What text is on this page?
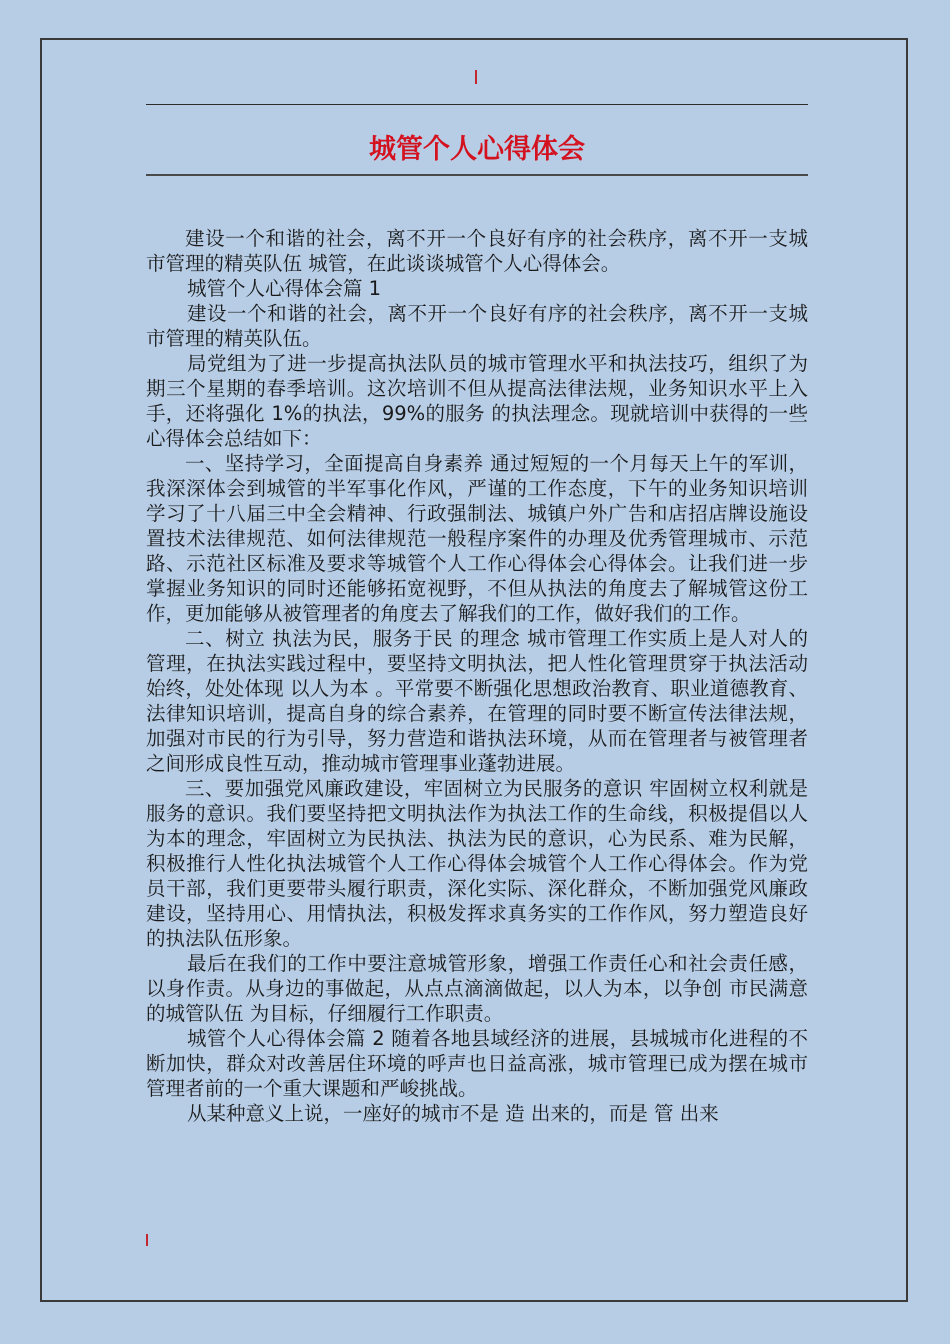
城管个人心得体会

建设一个和谐的社会，离不开一个良好有序的社会秩序，离不开一支城市管理的精英队伍 城管，在此谈谈城管个人心得体会。

城管个人心得体会篇 1

建设一个和谐的社会，离不开一个良好有序的社会秩序，离不开一支城市管理的精英队伍。

局党组为了进一步提高执法队员的城市管理水平和执法技巧，组织了为期三个星期的春季培训。这次培训不但从提高法律法规，业务知识水平上入手，还将强化 1%的执法，99%的服务 的执法理念。现就培训中获得的一些心得体会总结如下：

一、坚持学习，全面提高自身素养 通过短短的一个月每天上午的军训，我深深体会到城管的半军事化作风，严谨的工作态度，下午的业务知识培训学习了十八届三中全会精神、行政强制法、城镇户外广告和店招店牌设施设置技术法律规范、如何法律规范一般程序案件的办理及优秀管理城市、示范路、示范社区标准及要求等城管个人工作心得体会心得体会。让我们进一步掌握业务知识的同时还能够拓宽视野，不但从执法的角度去了解城管这份工作，更加能够从被管理者的角度去了解我们的工作，做好我们的工作。

二、树立 执法为民，服务于民 的理念 城市管理工作实质上是人对人的管理，在执法实践过程中，要坚持文明执法，把人性化管理贯穿于执法活动始终，处处体现 以人为本 。平常要不断强化思想政治教育、职业道德教育、法律知识培训，提高自身的综合素养，在管理的同时要不断宣传法律法规，加强对市民的行为引导，努力营造和谐执法环境，从而在管理者与被管理者之间形成良性互动，推动城市管理事业蓬勃进展。

三、要加强党风廉政建设，牢固树立为民服务的意识 牢固树立权利就是服务的意识。我们要坚持把文明执法作为执法工作的生命线，积极提倡以人为本的理念，牢固树立为民执法、执法为民的意识，心为民系、难为民解，积极推行人性化执法城管个人工作心得体会城管个人工作心得体会。作为党员干部，我们更要带头履行职责，深化实际、深化群众，不断加强党风廉政建设，坚持用心、用情执法，积极发挥求真务实的工作作风，努力塑造良好的执法队伍形象。

最后在我们的工作中要注意城管形象，增强工作责任心和社会责任感，以身作责。从身边的事做起，从点点滴滴做起，以人为本，以争创 市民满意的城管队伍 为目标，仔细履行工作职责。

城管个人心得体会篇 2 随着各地县域经济的进展，县城城市化进程的不断加快，群众对改善居住环境的呼声也日益高涨，城市管理已成为摆在城市管理者前的一个重大课题和严峻挑战。

从某种意义上说，一座好的城市不是 造 出来的，而是 管 出来
